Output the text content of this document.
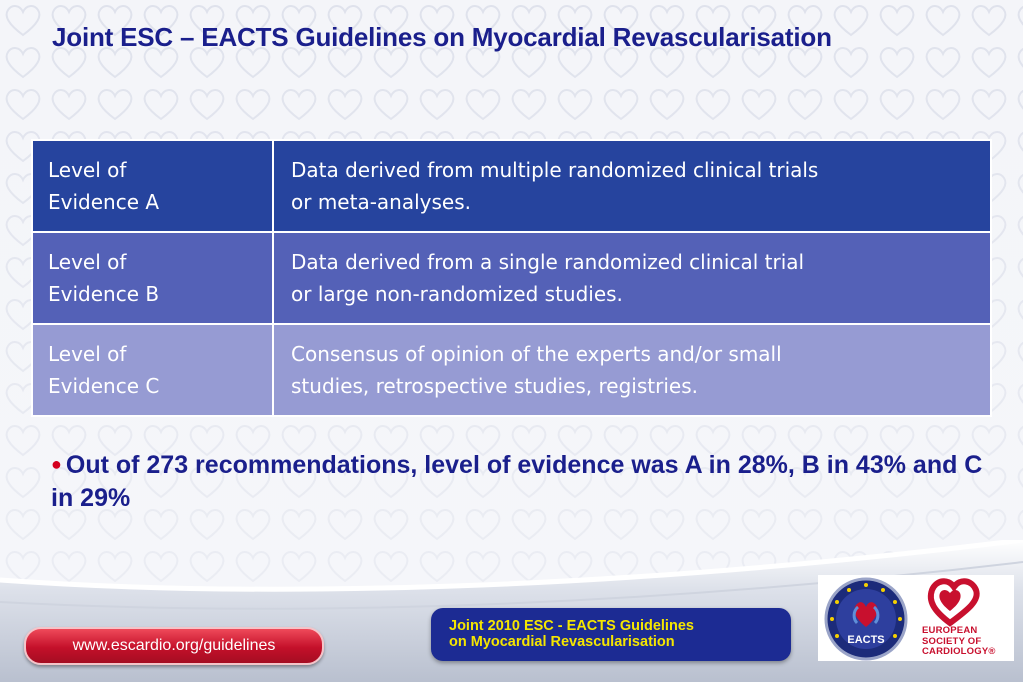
Joint ESC – EACTS Guidelines on Myocardial Revascularisation
Level of
Evidence A	Data derived from multiple randomized clinical trials
or meta-analyses.

Level of
Evidence B	Data derived from a single randomized clinical trial
or large non-randomized studies.

Level of
Evidence C	Consensus of opinion of the experts and/or small
studies, retrospective studies, registries.
● Out of 273 recommendations, level of evidence was A in 28%, B in 43% and C in 29%
www.escardio.org/guidelines
Joint 2010 ESC - EACTS Guidelines
on Myocardial Revascularisation	EACTS
EUROPEAN
SOCIETY OF
CARDIOLOGY®
